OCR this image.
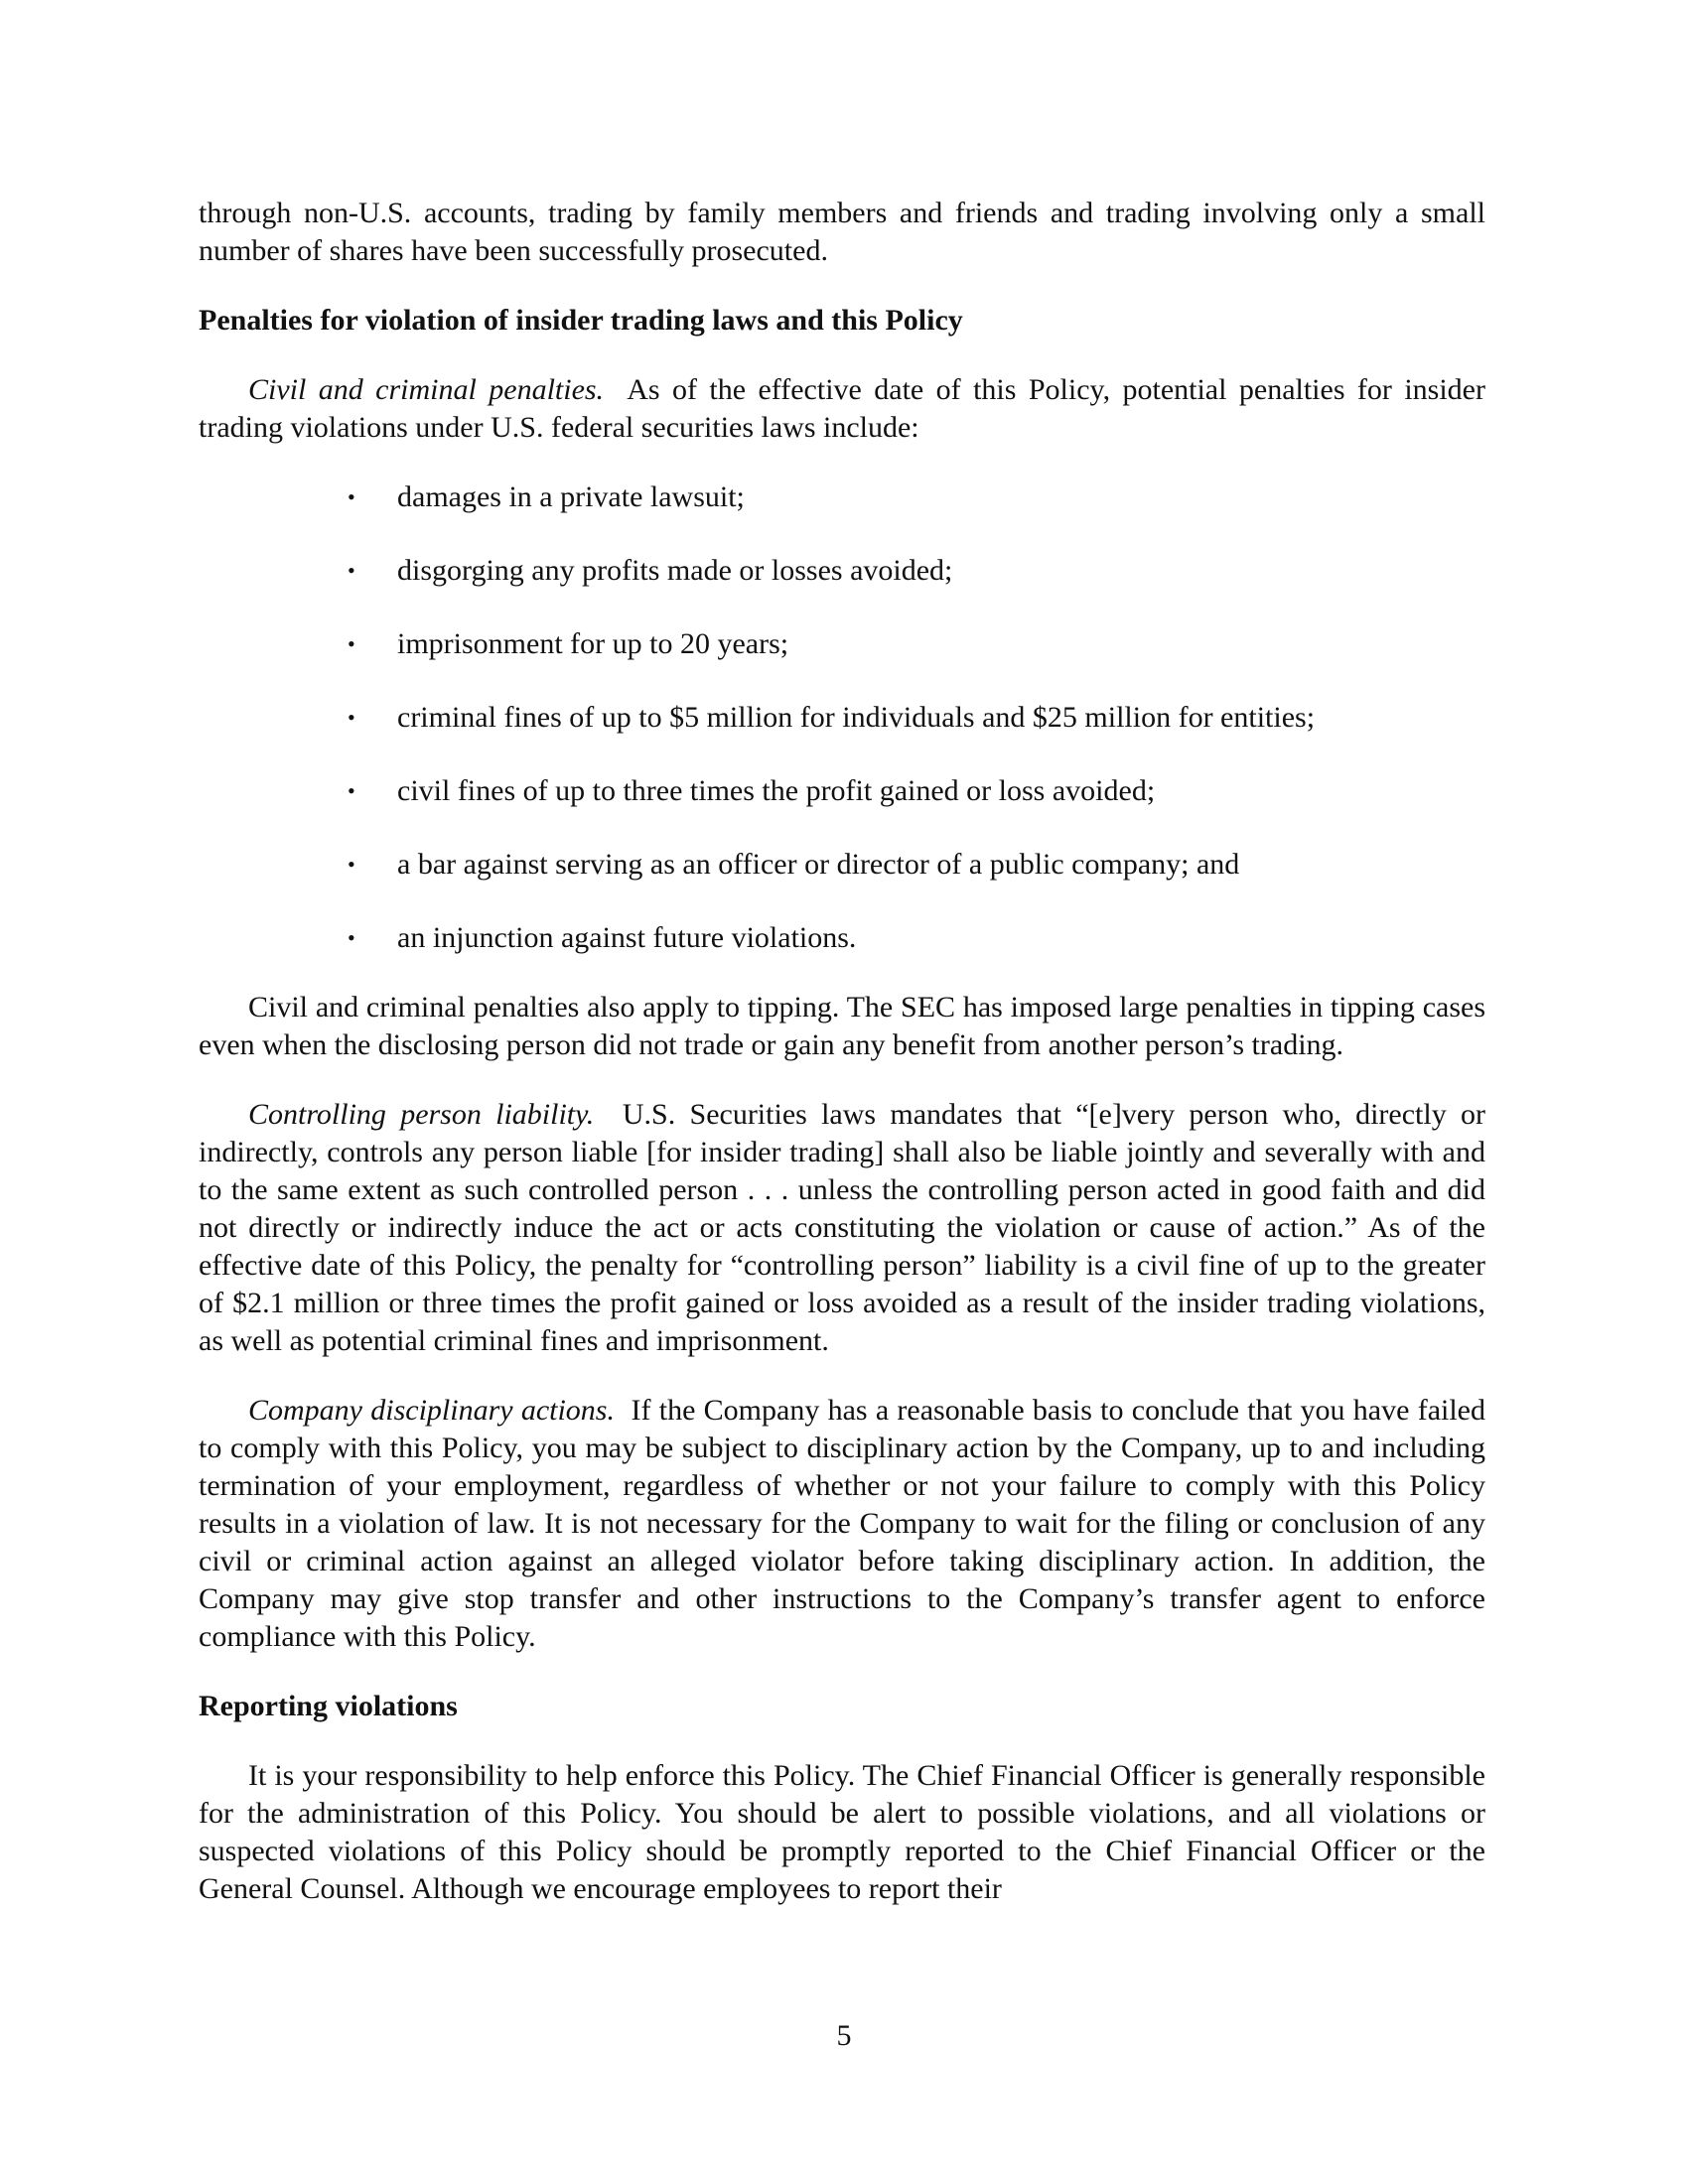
through non-U.S. accounts, trading by family members and friends and trading involving only a small number of shares have been successfully prosecuted.

Penalties for violation of insider trading laws and this Policy

Civil and criminal penalties. As of the effective date of this Policy, potential penalties for insider trading violations under U.S. federal securities laws include:

• damages in a private lawsuit;
• disgorging any profits made or losses avoided;
• imprisonment for up to 20 years;
• criminal fines of up to $5 million for individuals and $25 million for entities;
• civil fines of up to three times the profit gained or loss avoided;
• a bar against serving as an officer or director of a public company; and
• an injunction against future violations.

Civil and criminal penalties also apply to tipping. The SEC has imposed large penalties in tipping cases even when the disclosing person did not trade or gain any benefit from another person’s trading.

Controlling person liability. U.S. Securities laws mandates that “[e]very person who, directly or indirectly, controls any person liable [for insider trading] shall also be liable jointly and severally with and to the same extent as such controlled person . . . unless the controlling person acted in good faith and did not directly or indirectly induce the act or acts constituting the violation or cause of action.” As of the effective date of this Policy, the penalty for “controlling person” liability is a civil fine of up to the greater of $2.1 million or three times the profit gained or loss avoided as a result of the insider trading violations, as well as potential criminal fines and imprisonment.

Company disciplinary actions. If the Company has a reasonable basis to conclude that you have failed to comply with this Policy, you may be subject to disciplinary action by the Company, up to and including termination of your employment, regardless of whether or not your failure to comply with this Policy results in a violation of law. It is not necessary for the Company to wait for the filing or conclusion of any civil or criminal action against an alleged violator before taking disciplinary action. In addition, the Company may give stop transfer and other instructions to the Company’s transfer agent to enforce compliance with this Policy.

Reporting violations

It is your responsibility to help enforce this Policy. The Chief Financial Officer is generally responsible for the administration of this Policy. You should be alert to possible violations, and all violations or suspected violations of this Policy should be promptly reported to the Chief Financial Officer or the General Counsel. Although we encourage employees to report their

5
